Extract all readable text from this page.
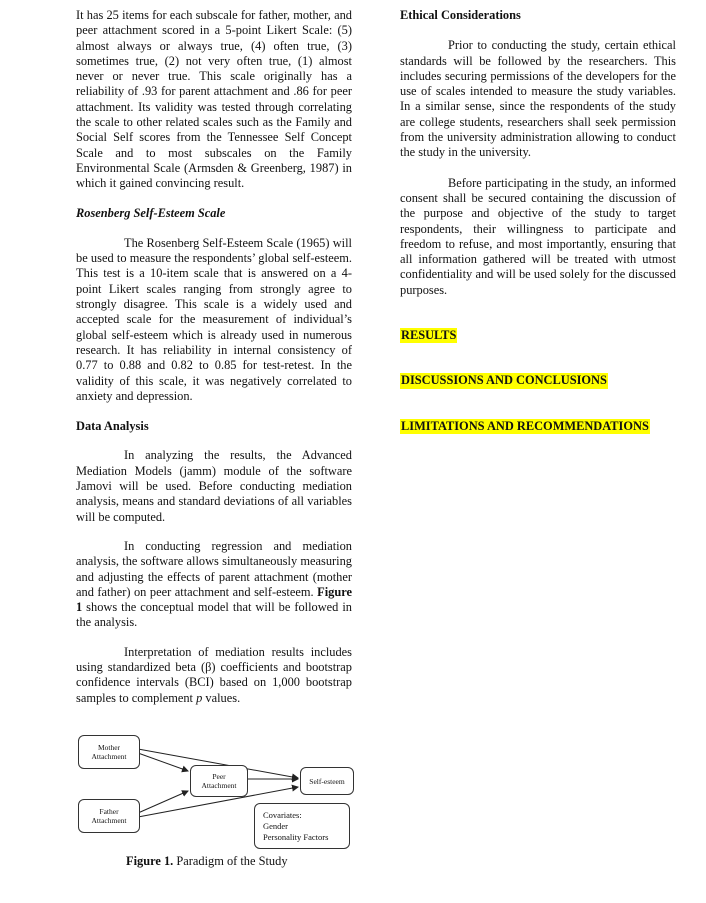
It has 25 items for each subscale for father, mother, and peer attachment scored in a 5-point Likert Scale: (5) almost always or always true, (4) often true, (3) sometimes true, (2) not very often true, (1) almost never or never true. This scale originally has a reliability of .93 for parent attachment and .86 for peer attachment. Its validity was tested through correlating the scale to other related scales such as the Family and Social Self scores from the Tennessee Self Concept Scale and to most subscales on the Family Environmental Scale (Armsden & Greenberg, 1987) in which it gained convincing result.

Rosenberg Self-Esteem Scale

The Rosenberg Self-Esteem Scale (1965) will be used to measure the respondents’ global self-esteem. This test is a 10-item scale that is answered on a 4-point Likert scales ranging from strongly agree to strongly disagree. This scale is a widely used and accepted scale for the measurement of individual’s global self-esteem which is already used in numerous research. It has reliability in internal consistency of 0.77 to 0.88 and 0.82 to 0.85 for test-retest. In the validity of this scale, it was negatively correlated to anxiety and depression.

Data Analysis

In analyzing the results, the Advanced Mediation Models (jamm) module of the software Jamovi will be used. Before conducting mediation analysis, means and standard deviations of all variables will be computed.

In conducting regression and mediation analysis, the software allows simultaneously measuring and adjusting the effects of parent attachment (mother and father) on peer attachment and self-esteem. Figure 1 shows the conceptual model that will be followed in the analysis.

Interpretation of mediation results includes using standardized beta (β) coefficients and bootstrap confidence intervals (BCI) based on 1,000 bootstrap samples to complement p values.

Mother
Attachment
Father
Attachment
Peer
Attachment	Self-esteem
Covariates:
Gender
Personality Factors
Figure 1. Paradigm of the Study

Ethical Considerations

Prior to conducting the study, certain ethical standards will be followed by the researchers. This includes securing permissions of the developers for the use of scales intended to measure the study variables. In a similar sense, since the respondents of the study are college students, researchers shall seek permission from the university administration allowing to conduct the study in the university.

Before participating in the study, an informed consent shall be secured containing the discussion of the purpose and objective of the study to target respondents, their willingness to participate and freedom to refuse, and most importantly, ensuring that all information gathered will be treated with utmost confidentiality and will be used solely for the discussed purposes.

RESULTS
DISCUSSIONS AND CONCLUSIONS
LIMITATIONS AND RECOMMENDATIONS
